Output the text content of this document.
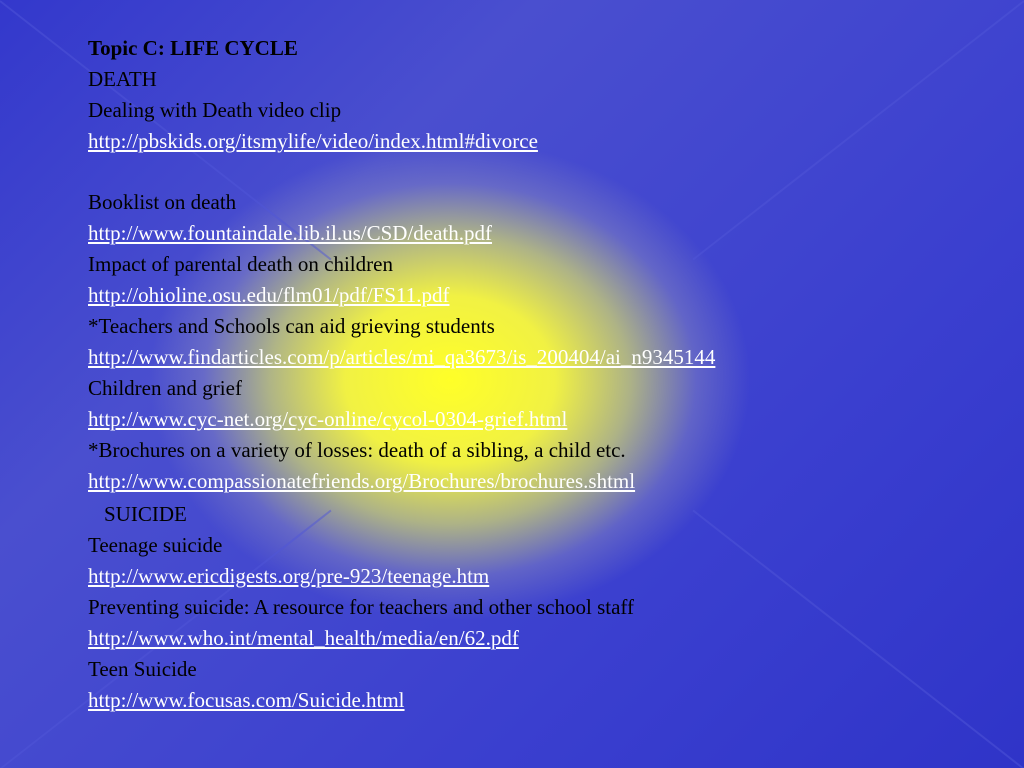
Topic C: LIFE CYCLE
DEATH
Dealing with Death video clip
http://pbskids.org/itsmylife/video/index.html#divorce
Booklist on death
http://www.fountaindale.lib.il.us/CSD/death.pdf
Impact of parental death on children
http://ohioline.osu.edu/flm01/pdf/FS11.pdf
*Teachers and Schools can aid grieving students
http://www.findarticles.com/p/articles/mi_qa3673/is_200404/ai_n9345144
Children and grief
http://www.cyc-net.org/cyc-online/cycol-0304-grief.html
*Brochures on a variety of losses: death of a sibling, a child etc.
http://www.compassionatefriends.org/Brochures/brochures.shtml
SUICIDE
Teenage suicide
http://www.ericdigests.org/pre-923/teenage.htm
Preventing suicide: A resource for teachers and other school staff
http://www.who.int/mental_health/media/en/62.pdf
Teen Suicide
http://www.focusas.com/Suicide.html
